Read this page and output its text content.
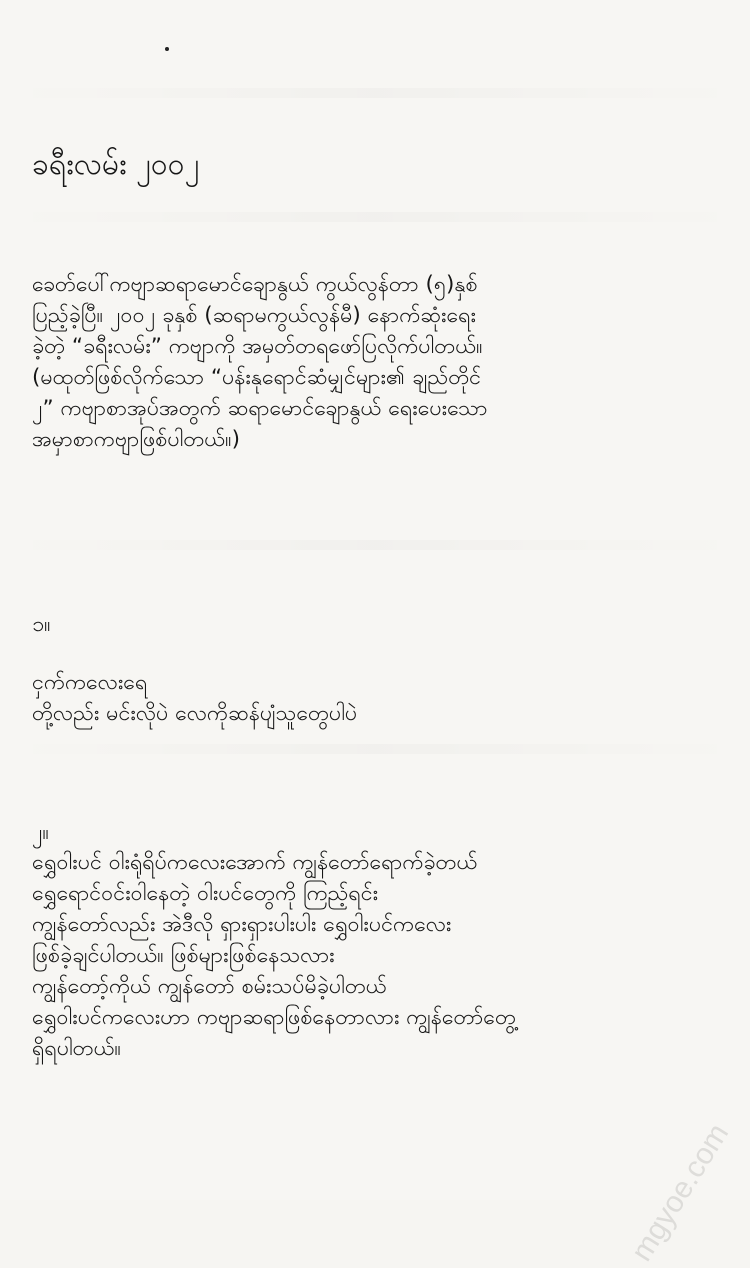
ခရီးလမ်း ၂၀၀၂
ခေတ်ပေါ်ကဗျာဆရာမောင်ချောနွယ် ကွယ်လွန်တာ (၅)နှစ်
ပြည့်ခဲ့ပြီ။ ၂၀၀၂ ခုနှစ် (ဆရာမကွယ်လွန်မီ) နောက်ဆုံးရေး
ခဲ့တဲ့ “ခရီးလမ်း” ကဗျာကို အမှတ်တရဖော်ပြလိုက်ပါတယ်။
(မထုတ်ဖြစ်လိုက်သော “ပန်းနုရောင်ဆံမျှင်များ၏ ချည်တိုင်
၂” ကဗျာစာအုပ်အတွက် ဆရာမောင်ချောနွယ် ရေးပေးသော
အမှာစာကဗျာဖြစ်ပါတယ်။)
၁။
ငှက်ကလေးရေ
တို့လည်း မင်းလိုပဲ လေကိုဆန်ပျံသူတွေပါပဲ
၂။
ရွှေဝါးပင် ဝါးရုံရိပ်ကလေးအောက် ကျွန်တော်ရောက်ခဲ့တယ်
ရွှေရောင်ဝင်းဝါနေတဲ့ ဝါးပင်တွေကို ကြည့်ရင်း
ကျွန်တော်လည်း အဲဒီလို ရှားရှားပါးပါး ရွှေဝါးပင်ကလေး
ဖြစ်ခဲ့ချင်ပါတယ်။ ဖြစ်များဖြစ်နေသလား
ကျွန်တော့်ကိုယ် ကျွန်တော် စမ်းသပ်မိခဲ့ပါတယ်
ရွှေဝါးပင်ကလေးဟာ ကဗျာဆရာဖြစ်နေတာလား ကျွန်တော်တွေ့
ရှိရပါတယ်။
mgyoe.com
